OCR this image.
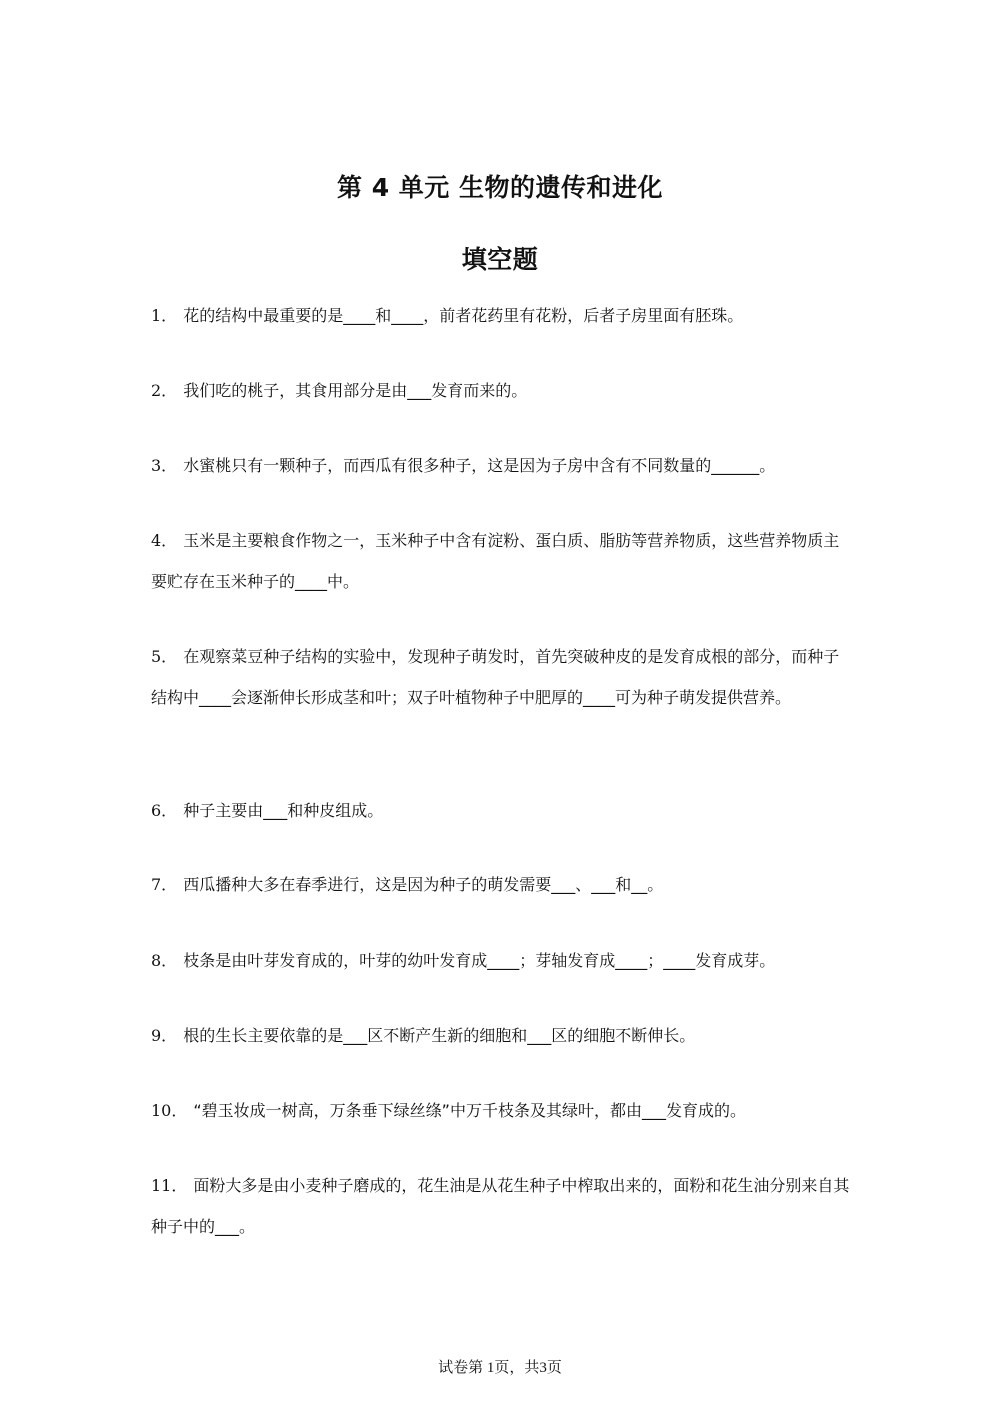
第 4 单元 生物的遗传和进化
填空题

1． 花的结构中最重要的是____和____，前者花药里有花粉，后者子房里面有胚珠。

2． 我们吃的桃子，其食用部分是由___发育而来的。

3． 水蜜桃只有一颗种子，而西瓜有很多种子，这是因为子房中含有不同数量的______。

4． 玉米是主要粮食作物之一，玉米种子中含有淀粉、蛋白质、脂肪等营养物质，这些营养物质主要贮存在玉米种子的____中。

5． 在观察菜豆种子结构的实验中，发现种子萌发时，首先突破种皮的是发育成根的部分，而种子结构中____会逐渐伸长形成茎和叶；双子叶植物种子中肥厚的____可为种子萌发提供营养。

6． 种子主要由___和种皮组成。

7． 西瓜播种大多在春季进行，这是因为种子的萌发需要___、___和__。

8． 枝条是由叶芽发育成的，叶芽的幼叶发育成____；芽轴发育成____；____发育成芽。

9． 根的生长主要依靠的是___区不断产生新的细胞和___区的细胞不断伸长。

10． “碧玉妆成一树高，万条垂下绿丝绦”中万千枝条及其绿叶，都由___发育成的。

11． 面粉大多是由小麦种子磨成的，花生油是从花生种子中榨取出来的，面粉和花生油分别来自其种子中的___。

试卷第 1页，共3页
